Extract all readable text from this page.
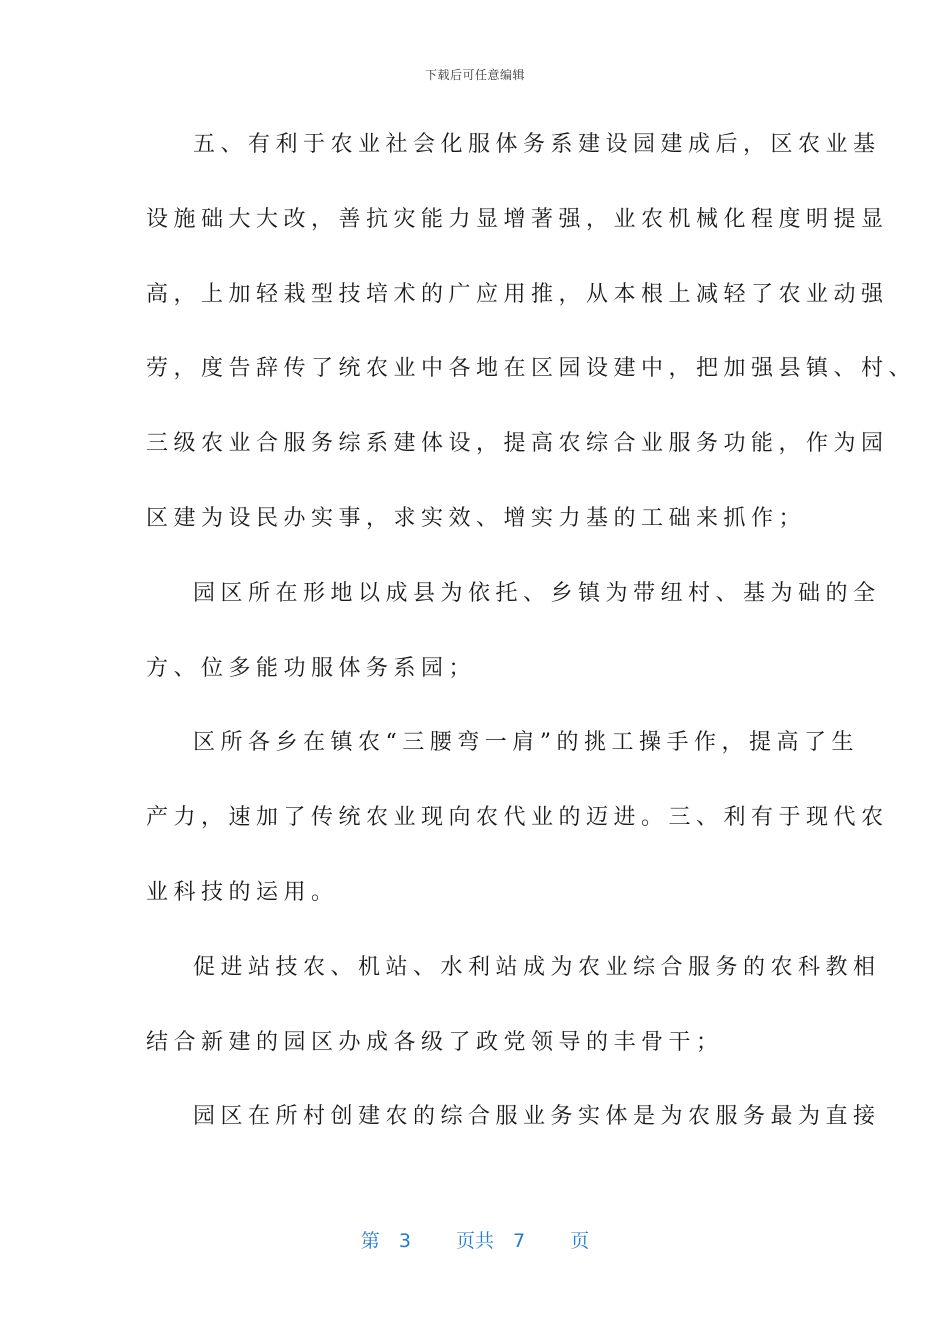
下载后可任意编辑
五、有利于农业社会化服体务系建设园建成后，区农业基
设施础大大改，善抗灾能力显增著强，业农机械化程度明提显
高，上加轻栽型技培术的广应用推，从本根上减轻了农业动强
劳，度告辞传了统农业中各地在区园设建中，把加强县镇、村、
三级农业合服务综系建体设，提高农综合业服务功能，作为园
区建为设民办实事，求实效、增实力基的工础来抓作；
园区所在形地以成县为依托、乡镇为带纽村、基为础的全
方、位多能功服体务系园；
区所各乡在镇农“三腰弯一肩”的挑工操手作，提高了生
产力，速加了传统农业现向农代业的迈进。三、利有于现代农
业科技的运用。
促进站技农、机站、水利站成为农业综合服务的农科教相
结合新建的园区办成各级了政党领导的丰骨干；
园区在所村创建农的综合服业务实体是为农服务最为直接
第 3 页共 7 页
